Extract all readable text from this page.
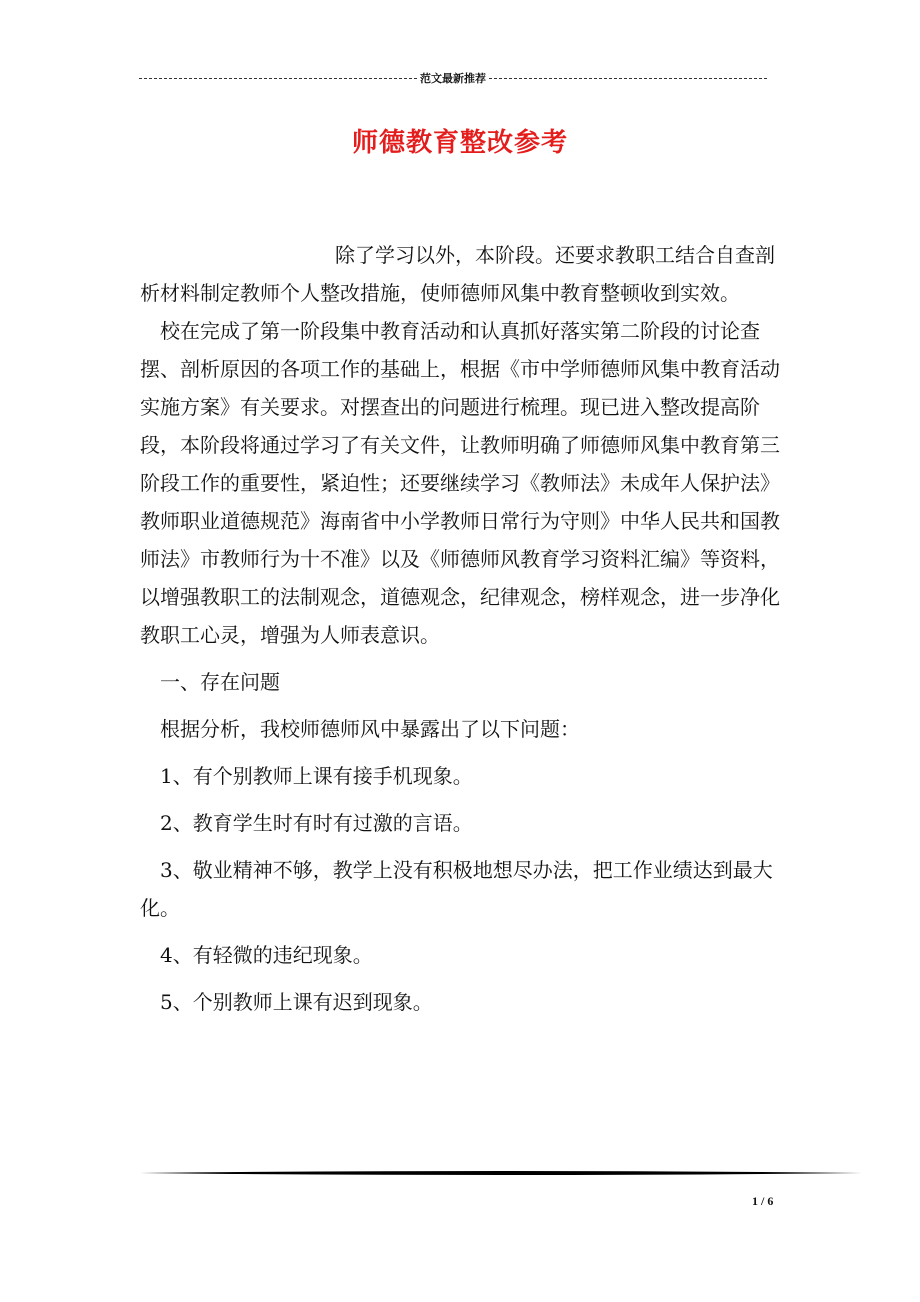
范文最新推荐
师德教育整改参考

除了学习以外，本阶段。还要求教职工结合自查剖析材料制定教师个人整改措施，使师德师风集中教育整顿收到实效。

校在完成了第一阶段集中教育活动和认真抓好落实第二阶段的讨论查摆、剖析原因的各项工作的基础上，根据《市中学师德师风集中教育活动实施方案》有关要求。对摆查出的问题进行梳理。现已进入整改提高阶段，本阶段将通过学习了有关文件，让教师明确了师德师风集中教育第三阶段工作的重要性，紧迫性；还要继续学习《教师法》未成年人保护法》教师职业道德规范》海南省中小学教师日常行为守则》中华人民共和国教师法》市教师行为十不准》以及《师德师风教育学习资料汇编》等资料，以增强教职工的法制观念，道德观念，纪律观念，榜样观念，进一步净化教职工心灵，增强为人师表意识。

一、存在问题

根据分析，我校师德师风中暴露出了以下问题：

1、有个别教师上课有接手机现象。

2、教育学生时有时有过激的言语。

3、敬业精神不够，教学上没有积极地想尽办法，把工作业绩达到最大化。

4、有轻微的违纪现象。

5、个别教师上课有迟到现象。

1 / 6
